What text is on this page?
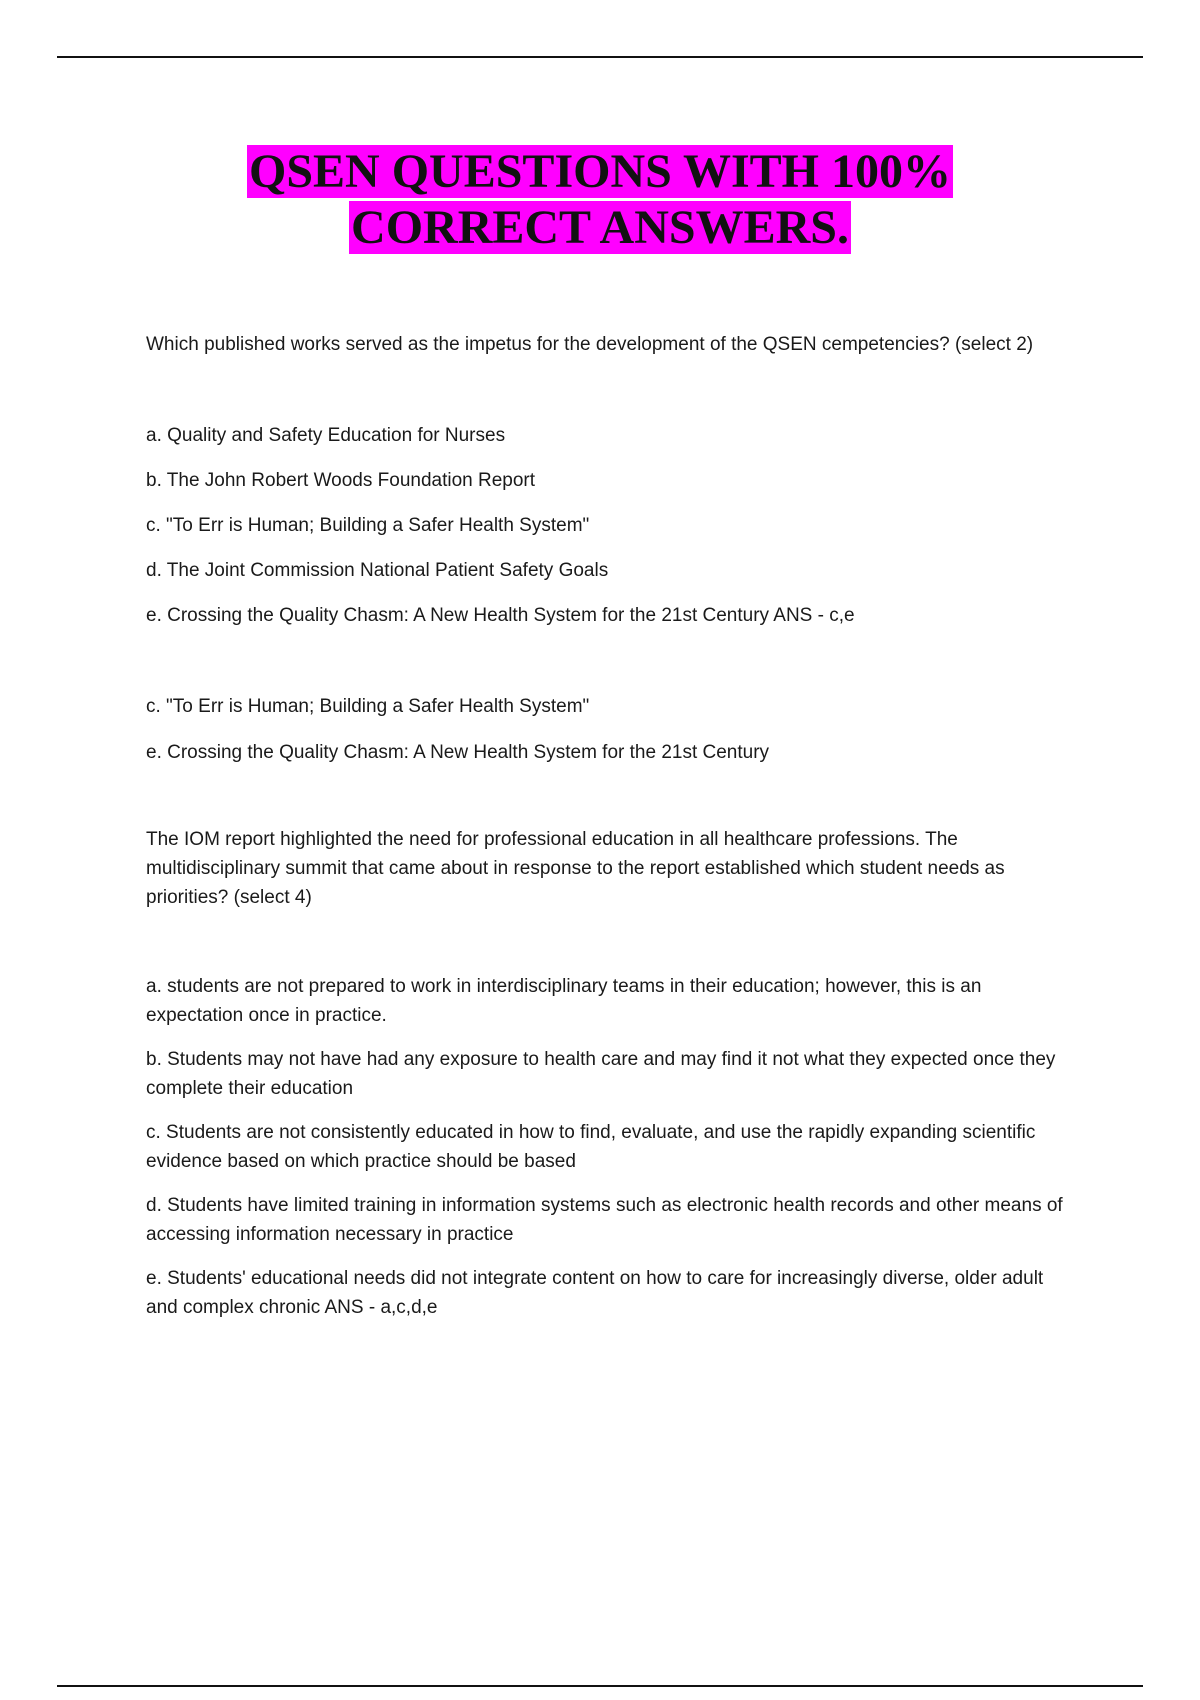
QSEN QUESTIONS WITH 100%
CORRECT ANSWERS.

Which published works served as the impetus for the development of the QSEN cempetencies? (select 2)

a. Quality and Safety Education for Nurses

b. The John Robert Woods Foundation Report

c. "To Err is Human; Building a Safer Health System"

d. The Joint Commission National Patient Safety Goals

e. Crossing the Quality Chasm: A New Health System for the 21st Century ANS - c,e

c. "To Err is Human; Building a Safer Health System"

e. Crossing the Quality Chasm: A New Health System for the 21st Century

The IOM report highlighted the need for professional education in all healthcare professions. The multidisciplinary summit that came about in response to the report established which student needs as priorities? (select 4)

a. students are not prepared to work in interdisciplinary teams in their education; however, this is an expectation once in practice.

b. Students may not have had any exposure to health care and may find it not what they expected once they complete their education

c. Students are not consistently educated in how to find, evaluate, and use the rapidly expanding scientific evidence based on which practice should be based

d. Students have limited training in information systems such as electronic health records and other means of accessing information necessary in practice

e. Students' educational needs did not integrate content on how to care for increasingly diverse, older adult and complex chronic ANS - a,c,d,e
